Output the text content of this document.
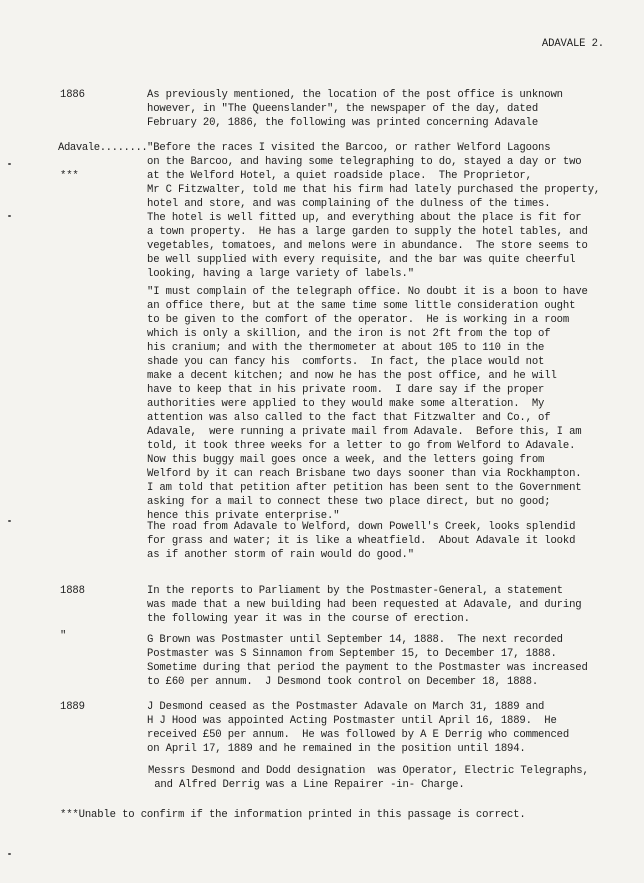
ADAVALE 2.
1886
Adavale........
***
1888
"
1889
As previously mentioned, the location of the post office is unknown
however, in "The Queenslander", the newspaper of the day, dated
February 20, 1886, the following was printed concerning Adavale
"Before the races I visited the Barcoo, or rather Welford Lagoons
on the Barcoo, and having some telegraphing to do, stayed a day or two
at the Welford Hotel, a quiet roadside place.  The Proprietor,
Mr C Fitzwalter, told me that his firm had lately purchased the property,
hotel and store, and was complaining of the dulness of the times.
The hotel is well fitted up, and everything about the place is fit for
a town property.  He has a large garden to supply the hotel tables, and
vegetables, tomatoes, and melons were in abundance.  The store seems to
be well supplied with every requisite, and the bar was quite cheerful
looking, having a large variety of labels."
"I must complain of the telegraph office. No doubt it is a boon to have
an office there, but at the same time some little consideration ought
to be given to the comfort of the operator.  He is working in a room
which is only a skillion, and the iron is not 2ft from the top of
his cranium; and with the thermometer at about 105 to 110 in the
shade you can fancy his  comforts.  In fact, the place would not
make a decent kitchen; and now he has the post office, and he will
have to keep that in his private room.  I dare say if the proper
authorities were applied to they would make some alteration.  My
attention was also called to the fact that Fitzwalter and Co., of
Adavale,  were running a private mail from Adavale.  Before this, I am
told, it took three weeks for a letter to go from Welford to Adavale.
Now this buggy mail goes once a week, and the letters going from
Welford by it can reach Brisbane two days sooner than via Rockhampton.
I am told that petition after petition has been sent to the Government
asking for a mail to connect these two place direct, but no good;
hence this private enterprise."
The road from Adavale to Welford, down Powell's Creek, looks splendid
for grass and water; it is like a wheatfield.  About Adavale it lookd
as if another storm of rain would do good."
In the reports to Parliament by the Postmaster-General, a statement
was made that a new building had been requested at Adavale, and during
the following year it was in the course of erection.
G Brown was Postmaster until September 14, 1888.  The next recorded
Postmaster was S Sinnamon from September 15, to December 17, 1888.
Sometime during that period the payment to the Postmaster was increased
to £60 per annum.  J Desmond took control on December 18, 1888.
J Desmond ceased as the Postmaster Adavale on March 31, 1889 and
H J Hood was appointed Acting Postmaster until April 16, 1889.  He
received £50 per annum.  He was followed by A E Derrig who commenced
on April 17, 1889 and he remained in the position until 1894.
Messrs Desmond and Dodd designation  was Operator, Electric Telegraphs,
and Alfred Derrig was a Line Repairer -in- Charge.
***Unable to confirm if the information printed in this passage is correct.
